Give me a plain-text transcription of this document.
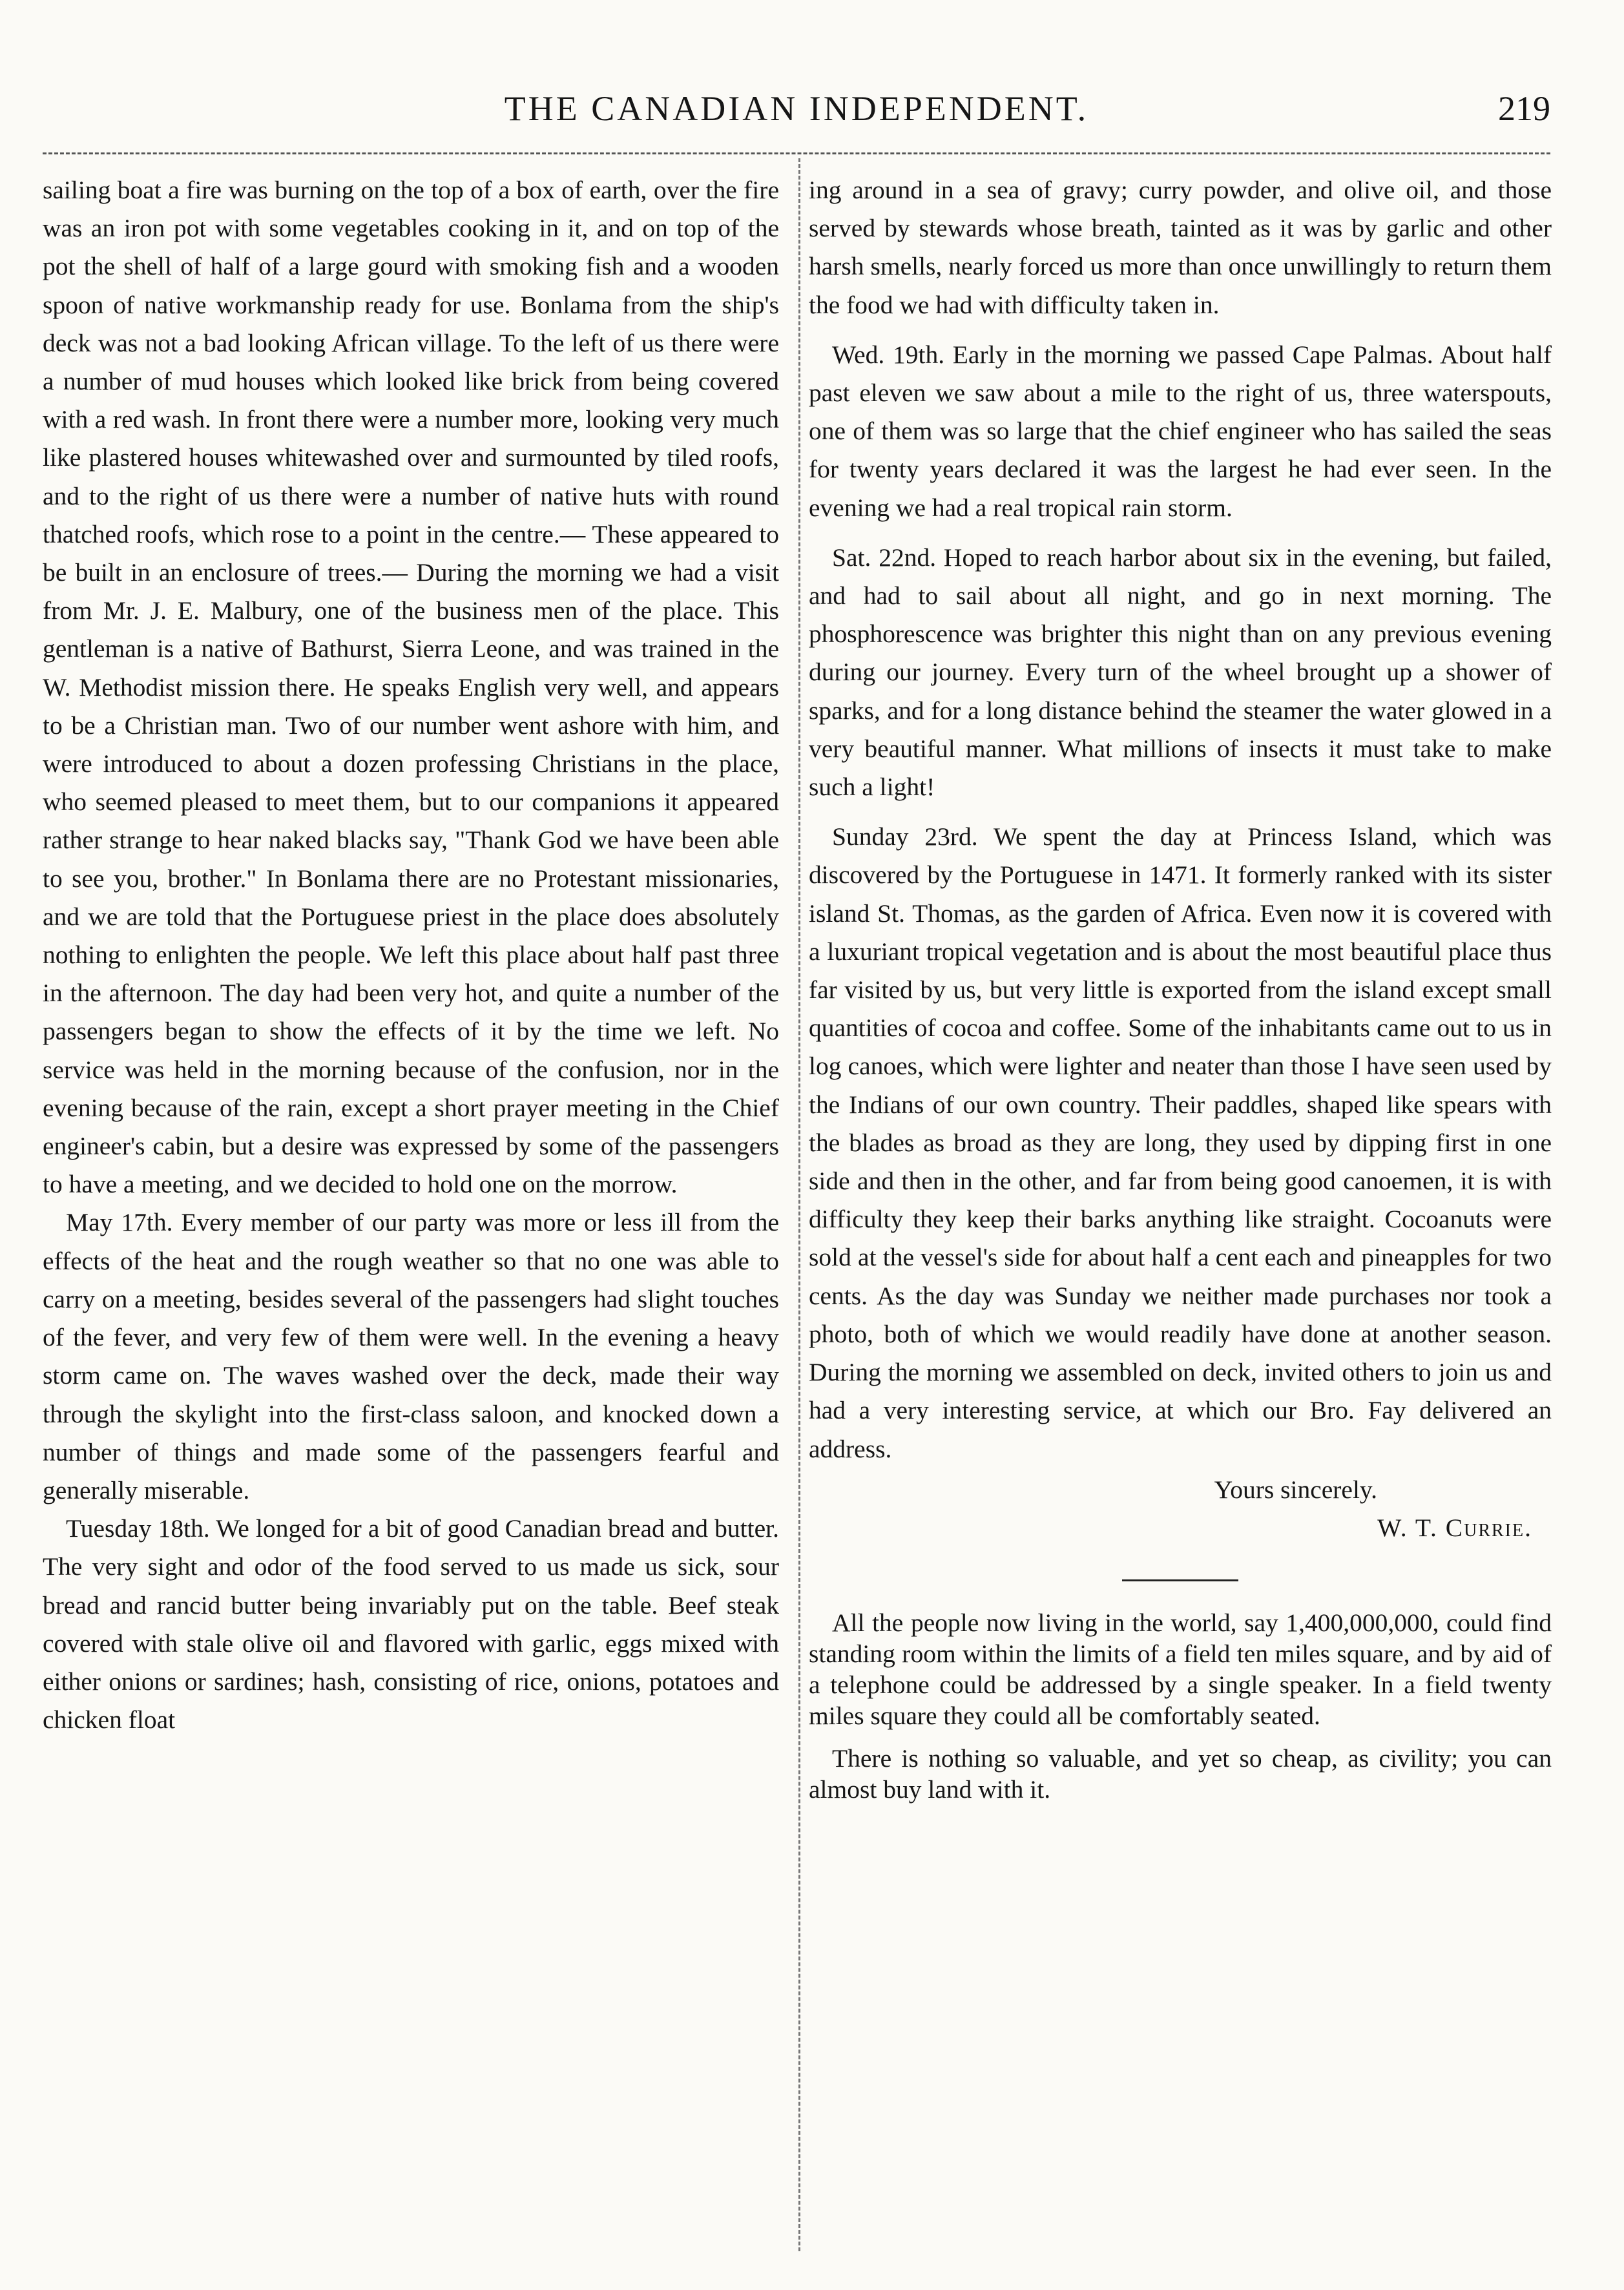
THE CANADIAN INDEPENDENT.	219

sailing boat a fire was burning on the top of a box of earth, over the fire was an iron pot with some vegetables cooking in it, and on top of the pot the shell of half of a large gourd with smoking fish and a wooden spoon of native workmanship ready for use. Bonlama from the ship's deck was not a bad looking African village. To the left of us there were a number of mud houses which looked like brick from being covered with a red wash. In front there were a number more, looking very much like plastered houses whitewashed over and surmounted by tiled roofs, and to the right of us there were a number of native huts with round thatched roofs, which rose to a point in the centre.— These appeared to be built in an enclosure of trees.— During the morning we had a visit from Mr. J. E. Malbury, one of the business men of the place. This gentleman is a native of Bathurst, Sierra Leone, and was trained in the W. Methodist mission there. He speaks English very well, and appears to be a Christian man. Two of our number went ashore with him, and were introduced to about a dozen professing Christians in the place, who seemed pleased to meet them, but to our companions it appeared rather strange to hear naked blacks say, "Thank God we have been able to see you, brother." In Bonlama there are no Protestant missionaries, and we are told that the Portuguese priest in the place does absolutely nothing to enlighten the people. We left this place about half past three in the afternoon. The day had been very hot, and quite a number of the passengers began to show the effects of it by the time we left. No service was held in the morning because of the confusion, nor in the evening because of the rain, except a short prayer meeting in the Chief engineer's cabin, but a desire was expressed by some of the passengers to have a meeting, and we decided to hold one on the morrow.

May 17th. Every member of our party was more or less ill from the effects of the heat and the rough weather so that no one was able to carry on a meeting, besides several of the passengers had slight touches of the fever, and very few of them were well. In the evening a heavy storm came on. The waves washed over the deck, made their way through the skylight into the first-class saloon, and knocked down a number of things and made some of the passengers fearful and generally miserable.

Tuesday 18th. We longed for a bit of good Canadian bread and butter. The very sight and odor of the food served to us made us sick, sour bread and rancid butter being invariably put on the table. Beef steak covered with stale olive oil and flavored with garlic, eggs mixed with either onions or sardines; hash, consisting of rice, onions, potatoes and chicken float

ing around in a sea of gravy; curry powder, and olive oil, and those served by stewards whose breath, tainted as it was by garlic and other harsh smells, nearly forced us more than once unwillingly to return them the food we had with difficulty taken in.

Wed. 19th. Early in the morning we passed Cape Palmas. About half past eleven we saw about a mile to the right of us, three waterspouts, one of them was so large that the chief engineer who has sailed the seas for twenty years declared it was the largest he had ever seen. In the evening we had a real tropical rain storm.

Sat. 22nd. Hoped to reach harbor about six in the evening, but failed, and had to sail about all night, and go in next morning. The phosphorescence was brighter this night than on any previous evening during our journey. Every turn of the wheel brought up a shower of sparks, and for a long distance behind the steamer the water glowed in a very beautiful manner. What millions of insects it must take to make such a light!

Sunday 23rd. We spent the day at Princess Island, which was discovered by the Portuguese in 1471. It formerly ranked with its sister island St. Thomas, as the garden of Africa. Even now it is covered with a luxuriant tropical vegetation and is about the most beautiful place thus far visited by us, but very little is exported from the island except small quantities of cocoa and coffee. Some of the inhabitants came out to us in log canoes, which were lighter and neater than those I have seen used by the Indians of our own country. Their paddles, shaped like spears with the blades as broad as they are long, they used by dipping first in one side and then in the other, and far from being good canoemen, it is with difficulty they keep their barks anything like straight. Cocoanuts were sold at the vessel's side for about half a cent each and pineapples for two cents. As the day was Sunday we neither made purchases nor took a photo, both of which we would readily have done at another season. During the morning we assembled on deck, invited others to join us and had a very interesting service, at which our Bro. Fay delivered an address.

Yours sincerely.
W. T. Currie.

All the people now living in the world, say 1,400,000,000, could find standing room within the limits of a field ten miles square, and by aid of a telephone could be addressed by a single speaker. In a field twenty miles square they could all be comfortably seated.

There is nothing so valuable, and yet so cheap, as civility; you can almost buy land with it.
